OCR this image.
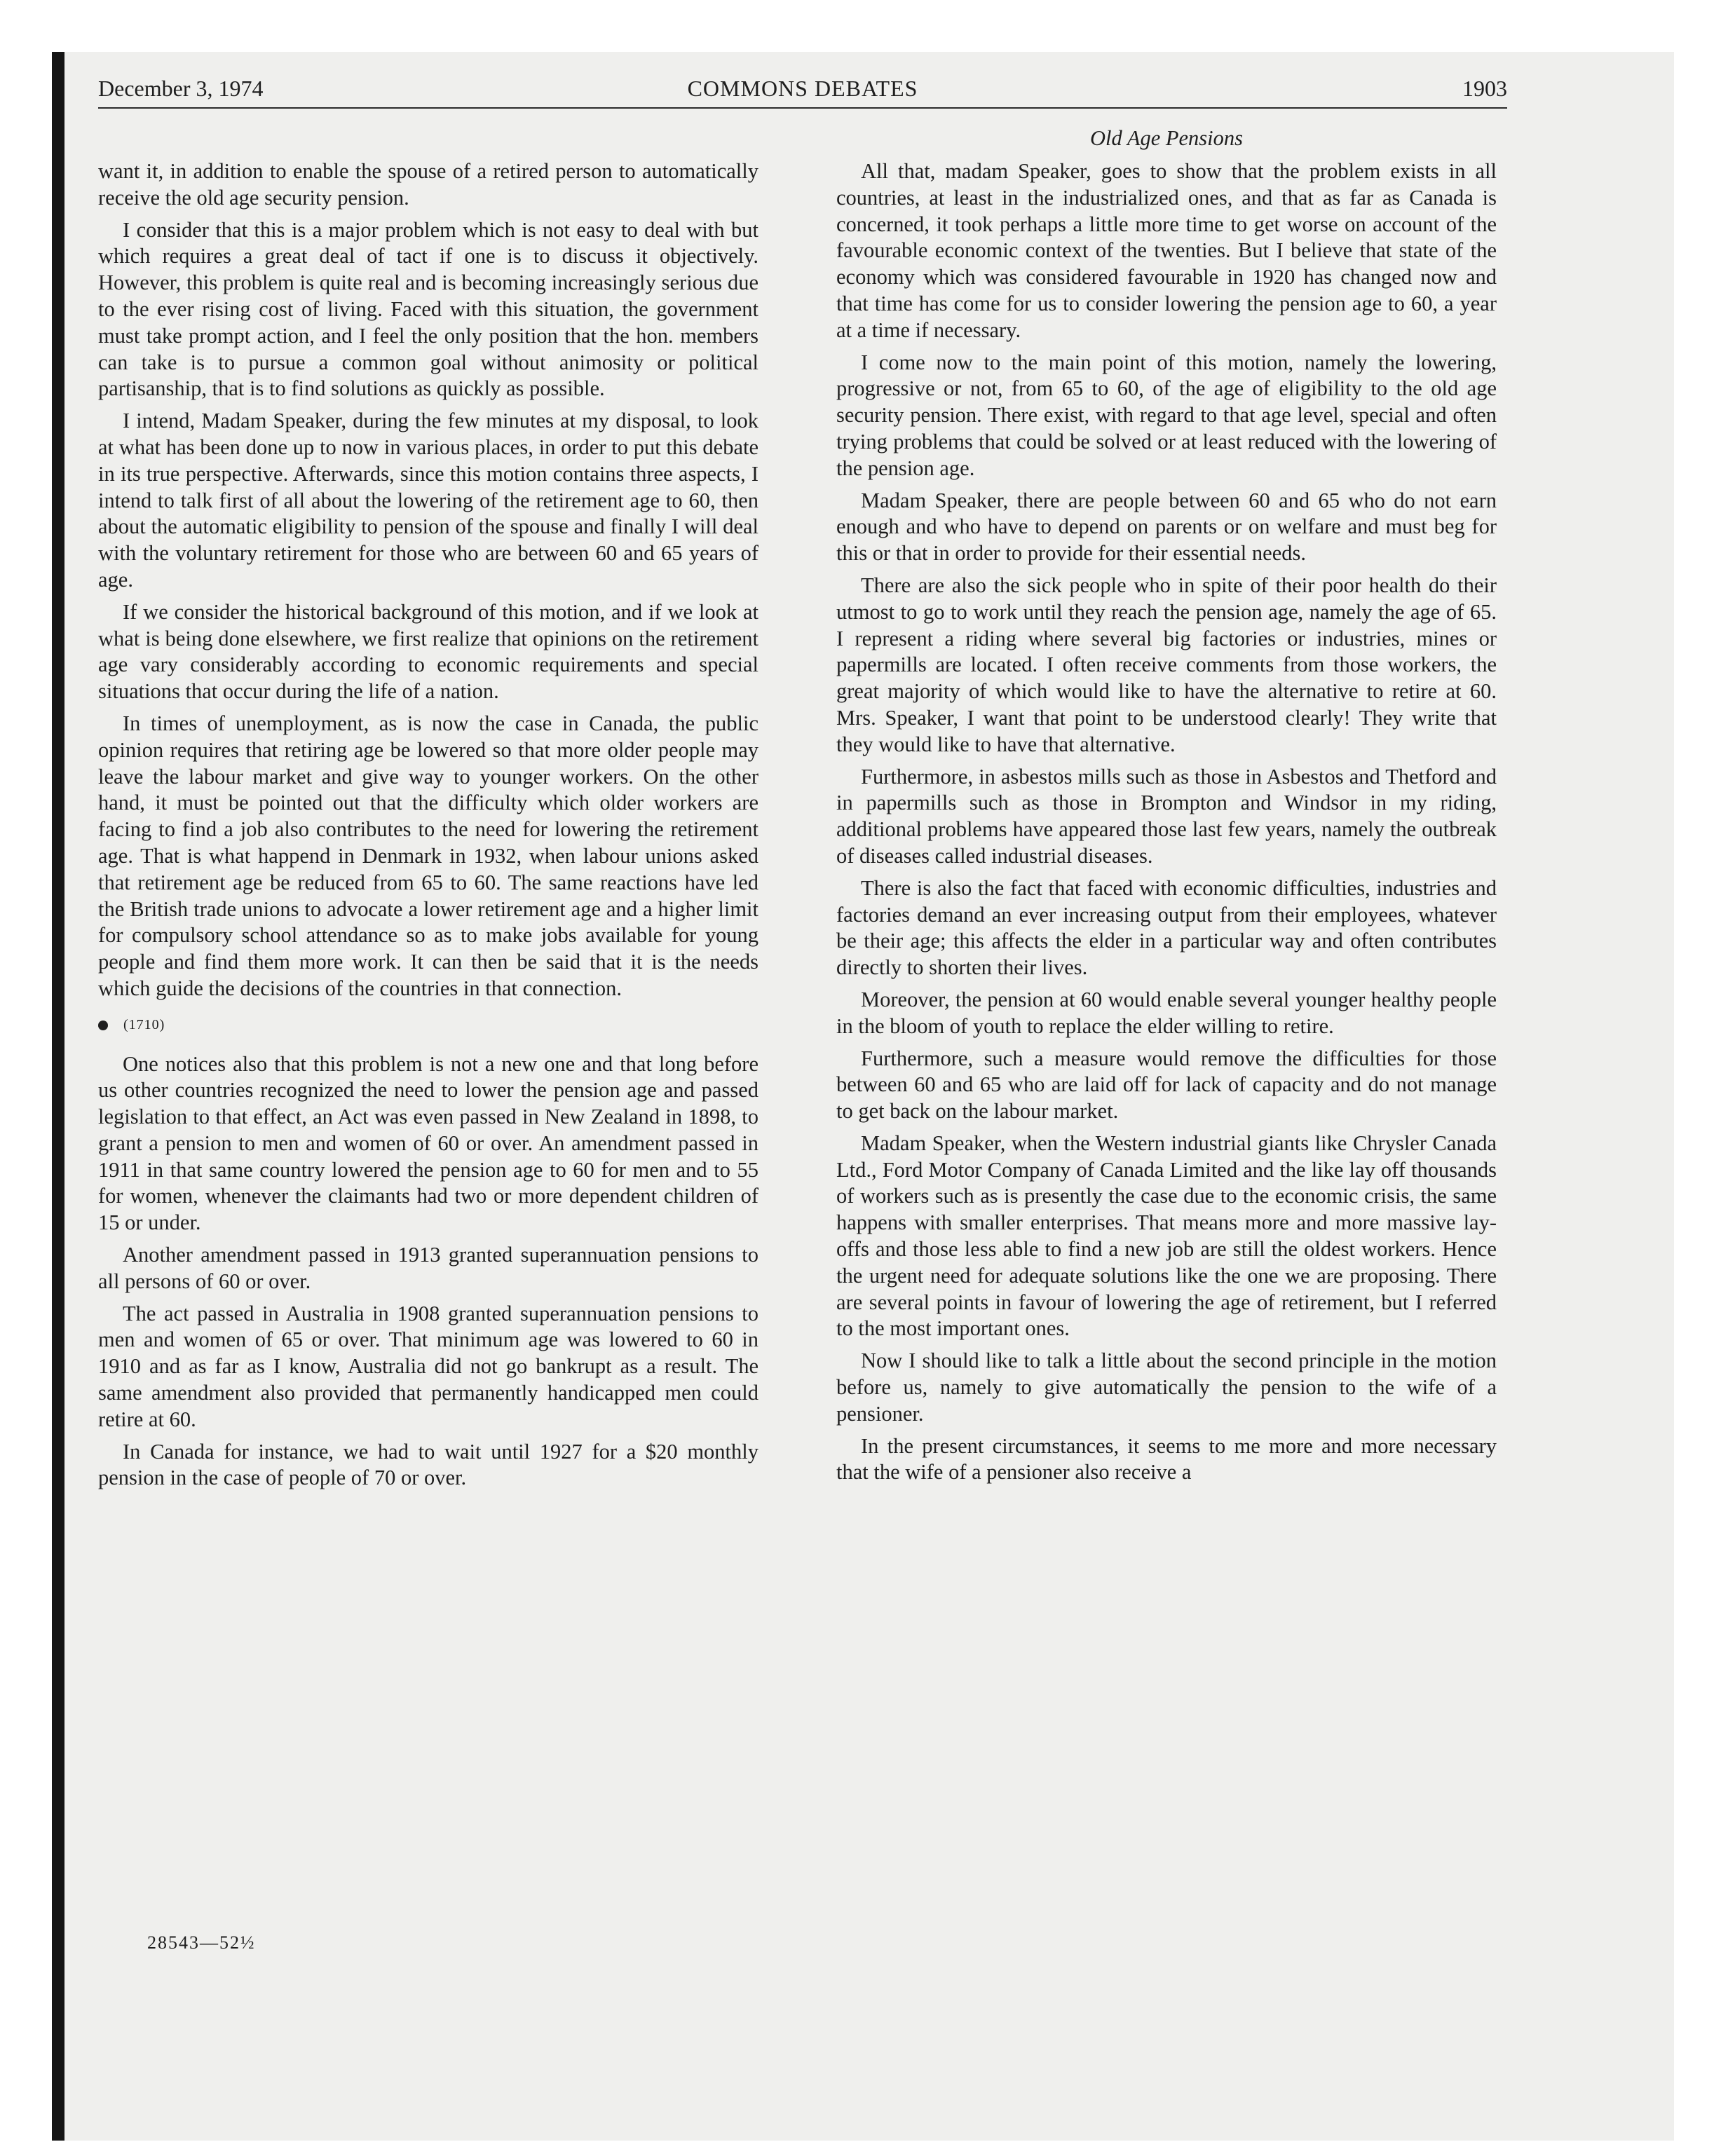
December 3, 1974	COMMONS DEBATES	1903
Old Age Pensions

want it, in addition to enable the spouse of a retired person to automatically receive the old age security pension.

I consider that this is a major problem which is not easy to deal with but which requires a great deal of tact if one is to discuss it objectively. However, this problem is quite real and is becoming increasingly serious due to the ever rising cost of living. Faced with this situation, the government must take prompt action, and I feel the only position that the hon. members can take is to pursue a common goal without animosity or political partisanship, that is to find solutions as quickly as possible.

I intend, Madam Speaker, during the few minutes at my disposal, to look at what has been done up to now in various places, in order to put this debate in its true perspective. Afterwards, since this motion contains three aspects, I intend to talk first of all about the lowering of the retirement age to 60, then about the automatic eligibility to pension of the spouse and finally I will deal with the voluntary retirement for those who are between 60 and 65 years of age.

If we consider the historical background of this motion, and if we look at what is being done elsewhere, we first realize that opinions on the retirement age vary considerably according to economic requirements and special situations that occur during the life of a nation.

In times of unemployment, as is now the case in Canada, the public opinion requires that retiring age be lowered so that more older people may leave the labour market and give way to younger workers. On the other hand, it must be pointed out that the difficulty which older workers are facing to find a job also contributes to the need for lowering the retirement age. That is what happend in Denmark in 1932, when labour unions asked that retirement age be reduced from 65 to 60. The same reactions have led the British trade unions to advocate a lower retirement age and a higher limit for compulsory school attendance so as to make jobs available for young people and find them more work. It can then be said that it is the needs which guide the decisions of the countries in that connection.

(1710)

One notices also that this problem is not a new one and that long before us other countries recognized the need to lower the pension age and passed legislation to that effect, an Act was even passed in New Zealand in 1898, to grant a pension to men and women of 60 or over. An amendment passed in 1911 in that same country lowered the pension age to 60 for men and to 55 for women, whenever the claimants had two or more dependent children of 15 or under.

Another amendment passed in 1913 granted superannuation pensions to all persons of 60 or over.

The act passed in Australia in 1908 granted superannuation pensions to men and women of 65 or over. That minimum age was lowered to 60 in 1910 and as far as I know, Australia did not go bankrupt as a result. The same amendment also provided that permanently handicapped men could retire at 60.

In Canada for instance, we had to wait until 1927 for a $20 monthly pension in the case of people of 70 or over.

All that, madam Speaker, goes to show that the problem exists in all countries, at least in the industrialized ones, and that as far as Canada is concerned, it took perhaps a little more time to get worse on account of the favourable economic context of the twenties. But I believe that state of the economy which was considered favourable in 1920 has changed now and that time has come for us to consider lowering the pension age to 60, a year at a time if necessary.

I come now to the main point of this motion, namely the lowering, progressive or not, from 65 to 60, of the age of eligibility to the old age security pension. There exist, with regard to that age level, special and often trying problems that could be solved or at least reduced with the lowering of the pension age.

Madam Speaker, there are people between 60 and 65 who do not earn enough and who have to depend on parents or on welfare and must beg for this or that in order to provide for their essential needs.

There are also the sick people who in spite of their poor health do their utmost to go to work until they reach the pension age, namely the age of 65. I represent a riding where several big factories or industries, mines or papermills are located. I often receive comments from those workers, the great majority of which would like to have the alternative to retire at 60. Mrs. Speaker, I want that point to be understood clearly! They write that they would like to have that alternative.

Furthermore, in asbestos mills such as those in Asbestos and Thetford and in papermills such as those in Brompton and Windsor in my riding, additional problems have appeared those last few years, namely the outbreak of diseases called industrial diseases.

There is also the fact that faced with economic difficulties, industries and factories demand an ever increasing output from their employees, whatever be their age; this affects the elder in a particular way and often contributes directly to shorten their lives.

Moreover, the pension at 60 would enable several younger healthy people in the bloom of youth to replace the elder willing to retire.

Furthermore, such a measure would remove the difficulties for those between 60 and 65 who are laid off for lack of capacity and do not manage to get back on the labour market.

Madam Speaker, when the Western industrial giants like Chrysler Canada Ltd., Ford Motor Company of Canada Limited and the like lay off thousands of workers such as is presently the case due to the economic crisis, the same happens with smaller enterprises. That means more and more massive lay-offs and those less able to find a new job are still the oldest workers. Hence the urgent need for adequate solutions like the one we are proposing. There are several points in favour of lowering the age of retirement, but I referred to the most important ones.

Now I should like to talk a little about the second principle in the motion before us, namely to give automatically the pension to the wife of a pensioner.

In the present circumstances, it seems to me more and more necessary that the wife of a pensioner also receive a

28543—52½
